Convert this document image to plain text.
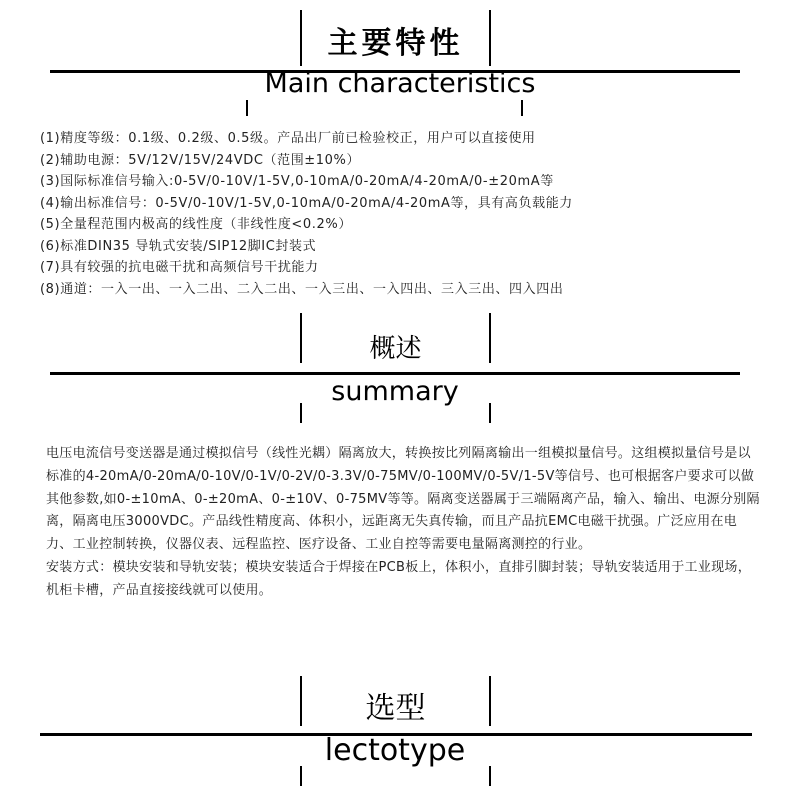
主要特性
Main characteristics
(1)精度等级：0.1级、0.2级、0.5级。产品出厂前已检验校正，用户可以直接使用
(2)辅助电源：5V/12V/15V/24VDC（范围±10%）
(3)国际标准信号输入:0-5V/0-10V/1-5V,0-10mA/0-20mA/4-20mA/0-±20mA等
(4)输出标准信号：0-5V/0-10V/1-5V,0-10mA/0-20mA/4-20mA等，具有高负载能力
(5)全量程范围内极高的线性度（非线性度<0.2%）
(6)标准DIN35 导轨式安装/SIP12脚IC封装式
(7)具有较强的抗电磁干扰和高频信号干扰能力
(8)通道：一入一出、一入二出、二入二出、一入三出、一入四出、三入三出、四入四出
概述
summary

电压电流信号变送器是通过模拟信号（线性光耦）隔离放大，转换按比列隔离输出一组模拟量信号。这组模拟量信号是以标准的4-20mA/0-20mA/0-10V/0-1V/0-2V/0-3.3V/0-75MV/0-100MV/0-5V/1-5V等信号、也可根据客户要求可以做其他参数,如0-±10mA、0-±20mA、0-±10V、0-75MV等等。隔离变送器属于三端隔离产品，输入、输出、电源分别隔离，隔离电压3000VDC。产品线性精度高、体积小，远距离无失真传输，而且产品抗EMC电磁干扰强。广泛应用在电力、工业控制转换，仪器仪表、远程监控、医疗设备、工业自控等需要电量隔离测控的行业。

安装方式：模块安装和导轨安装；模块安装适合于焊接在PCB板上，体积小，直排引脚封装；导轨安装适用于工业现场，机柜卡槽，产品直接接线就可以使用。

选型
lectotype
